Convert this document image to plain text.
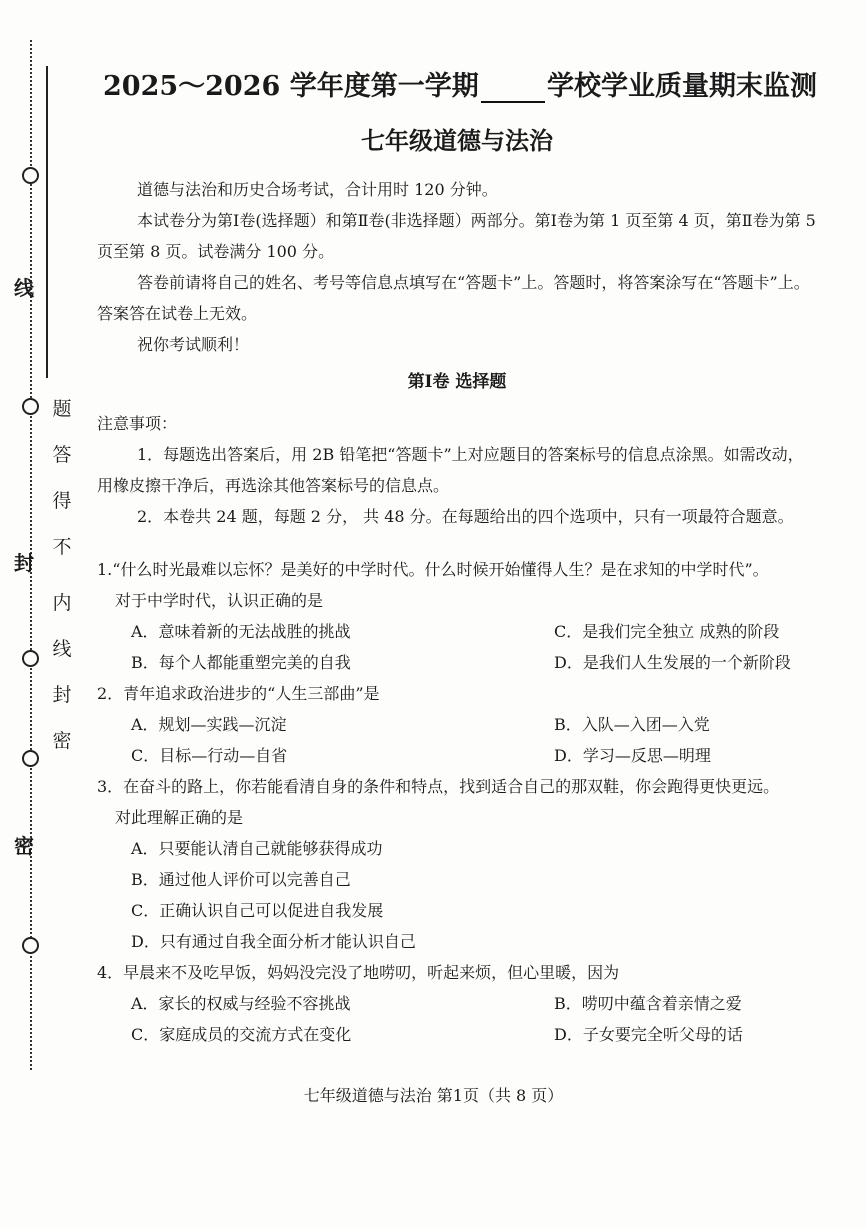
线
封
密
题
答
得
不
内
线
封
密
2025～2026 学年度第一学期	学校学业质量期末监测
七年级道德与法治

道德与法治和历史合场考试，合计用时 120 分钟。

本试卷分为第Ⅰ卷(选择题）和第Ⅱ卷(非选择题）两部分。第Ⅰ卷为第 1 页至第 4 页，第Ⅱ卷为第 5 页至第 8 页。试卷满分 100 分。

答卷前请将自己的姓名、考号等信息点填写在“答题卡”上。答题时，将答案涂写在“答题卡”上。答案答在试卷上无效。

祝你考试顺利！

第Ⅰ卷 选择题

注意事项：

1．每题选出答案后，用 2B 铅笔把“答题卡”上对应题目的答案标号的信息点涂黑。如需改动，用橡皮擦干净后，再选涂其他答案标号的信息点。

2．本卷共 24 题，每题 2 分， 共 48 分。在每题给出的四个选项中，只有一项最符合题意。

1.“什么时光最难以忘怀？是美好的中学时代。什么时候开始懂得人生？是在求知的中学时代”。

对于中学时代，认识正确的是

A．意味着新的无法战胜的挑战	C．是我们完全独立 成熟的阶段
B．每个人都能重塑完美的自我	D．是我们人生发展的一个新阶段

2．青年追求政治进步的“人生三部曲”是

A．规划—实践—沉淀	B．入队—入团—入党
C．目标—行动—自省	D．学习—反思—明理

3．在奋斗的路上，你若能看清自身的条件和特点，找到适合自己的那双鞋，你会跑得更快更远。

对此理解正确的是

A．只要能认清自己就能够获得成功

B．通过他人评价可以完善自己

C．正确认识自己可以促进自我发展

D．只有通过自我全面分析才能认识自己

4．早晨来不及吃早饭，妈妈没完没了地唠叨，听起来烦，但心里暖，因为

A．家长的权威与经验不容挑战	B．唠叨中蕴含着亲情之爱
C．家庭成员的交流方式在变化	D．子女要完全听父母的话
七年级道德与法治 第1页（共 8 页）
